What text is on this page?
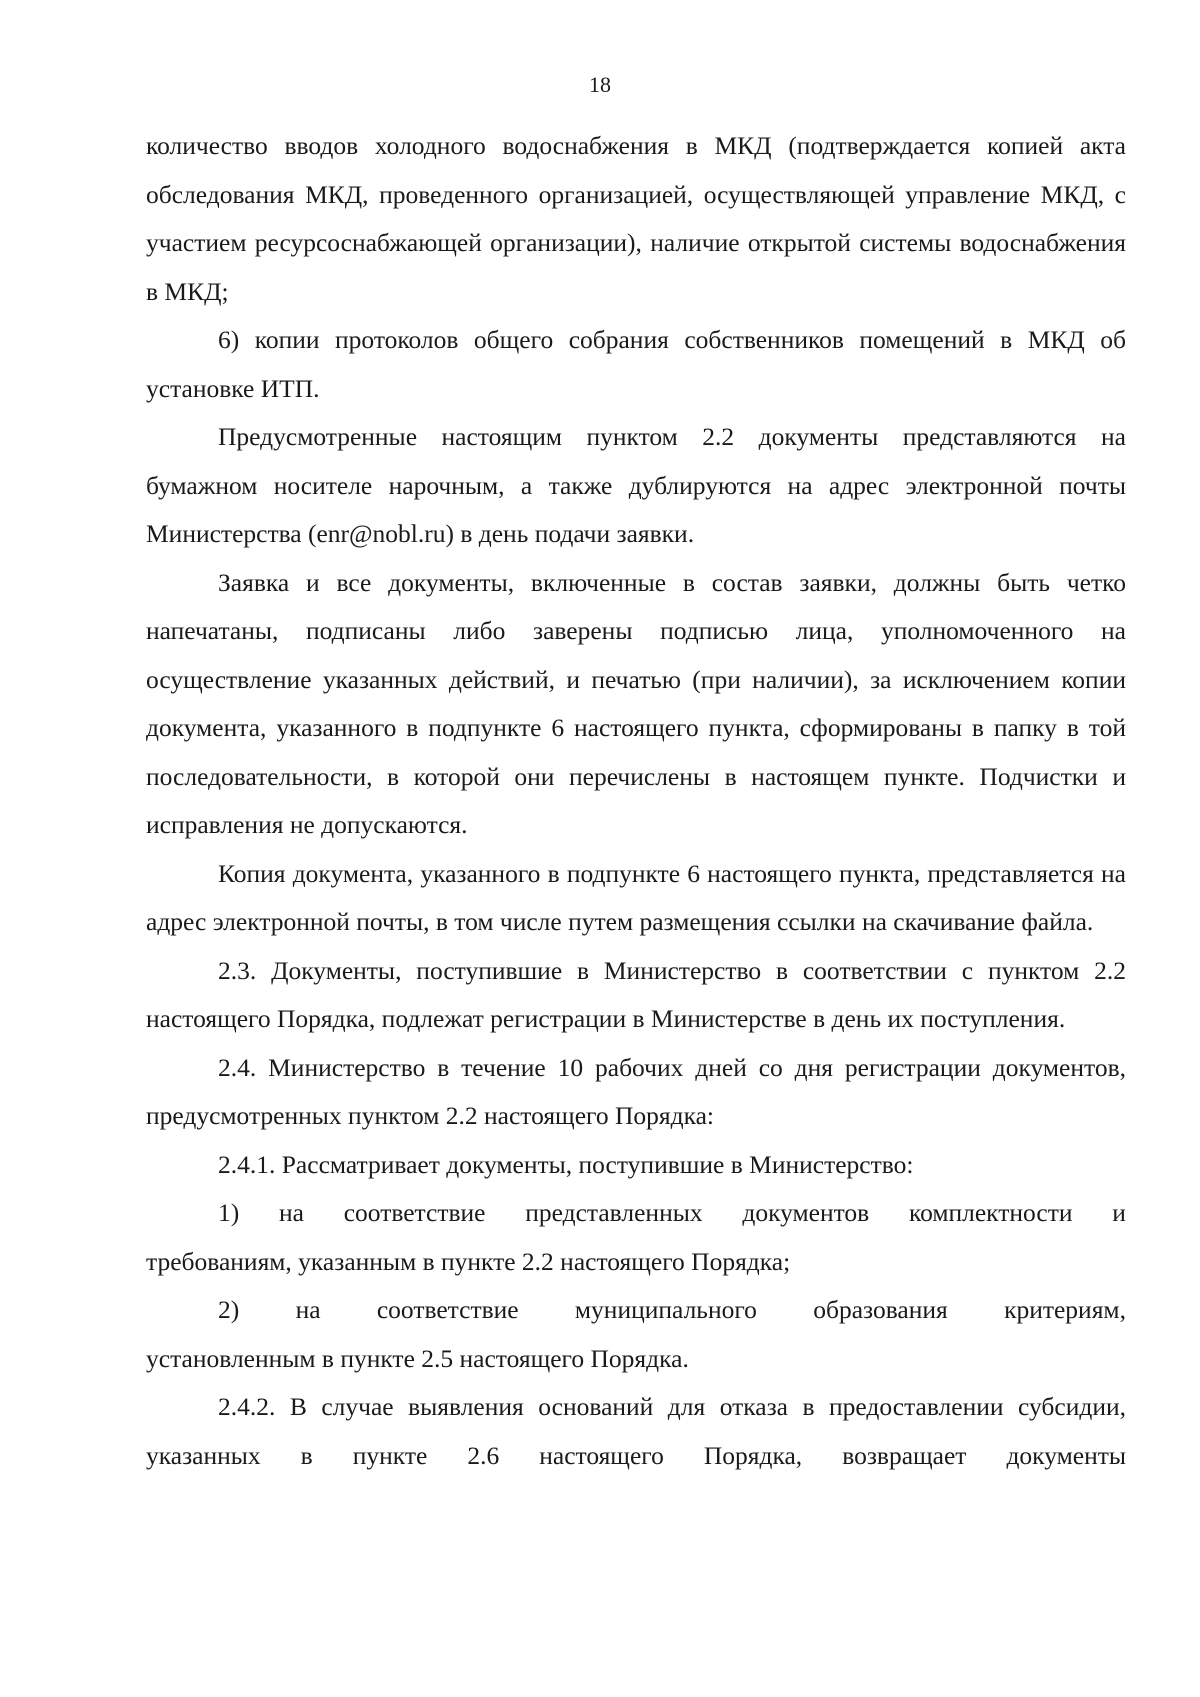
18

количество вводов холодного водоснабжения в МКД (подтверждается копией акта обследования МКД, проведенного организацией, осуществляющей управление МКД, с участием ресурсоснабжающей организации), наличие открытой системы водоснабжения в МКД;

6) копии протоколов общего собрания собственников помещений в МКД об установке ИТП.

Предусмотренные настоящим пунктом 2.2 документы представляются на бумажном носителе нарочным, а также дублируются на адрес электронной почты Министерства (enr@nobl.ru) в день подачи заявки.

Заявка и все документы, включенные в состав заявки, должны быть четко напечатаны, подписаны либо заверены подписью лица, уполномоченного на осуществление указанных действий, и печатью (при наличии), за исключением копии документа, указанного в подпункте 6 настоящего пункта, сформированы в папку в той последовательности, в которой они перечислены в настоящем пункте. Подчистки и исправления не допускаются.

Копия документа, указанного в подпункте 6 настоящего пункта, представляется на адрес электронной почты, в том числе путем размещения ссылки на скачивание файла.

2.3. Документы, поступившие в Министерство в соответствии с пунктом 2.2 настоящего Порядка, подлежат регистрации в Министерстве в день их поступления.

2.4. Министерство в течение 10 рабочих дней со дня регистрации документов, предусмотренных пунктом 2.2 настоящего Порядка:

2.4.1. Рассматривает документы, поступившие в Министерство:

1) на соответствие представленных документов комплектности и

требованиям, указанным в пункте 2.2 настоящего Порядка;

2) на соответствие муниципального образования критериям,

установленным в пункте 2.5 настоящего Порядка.

2.4.2. В случае выявления оснований для отказа в предоставлении субсидии, указанных в пункте 2.6 настоящего Порядка, возвращает документы
